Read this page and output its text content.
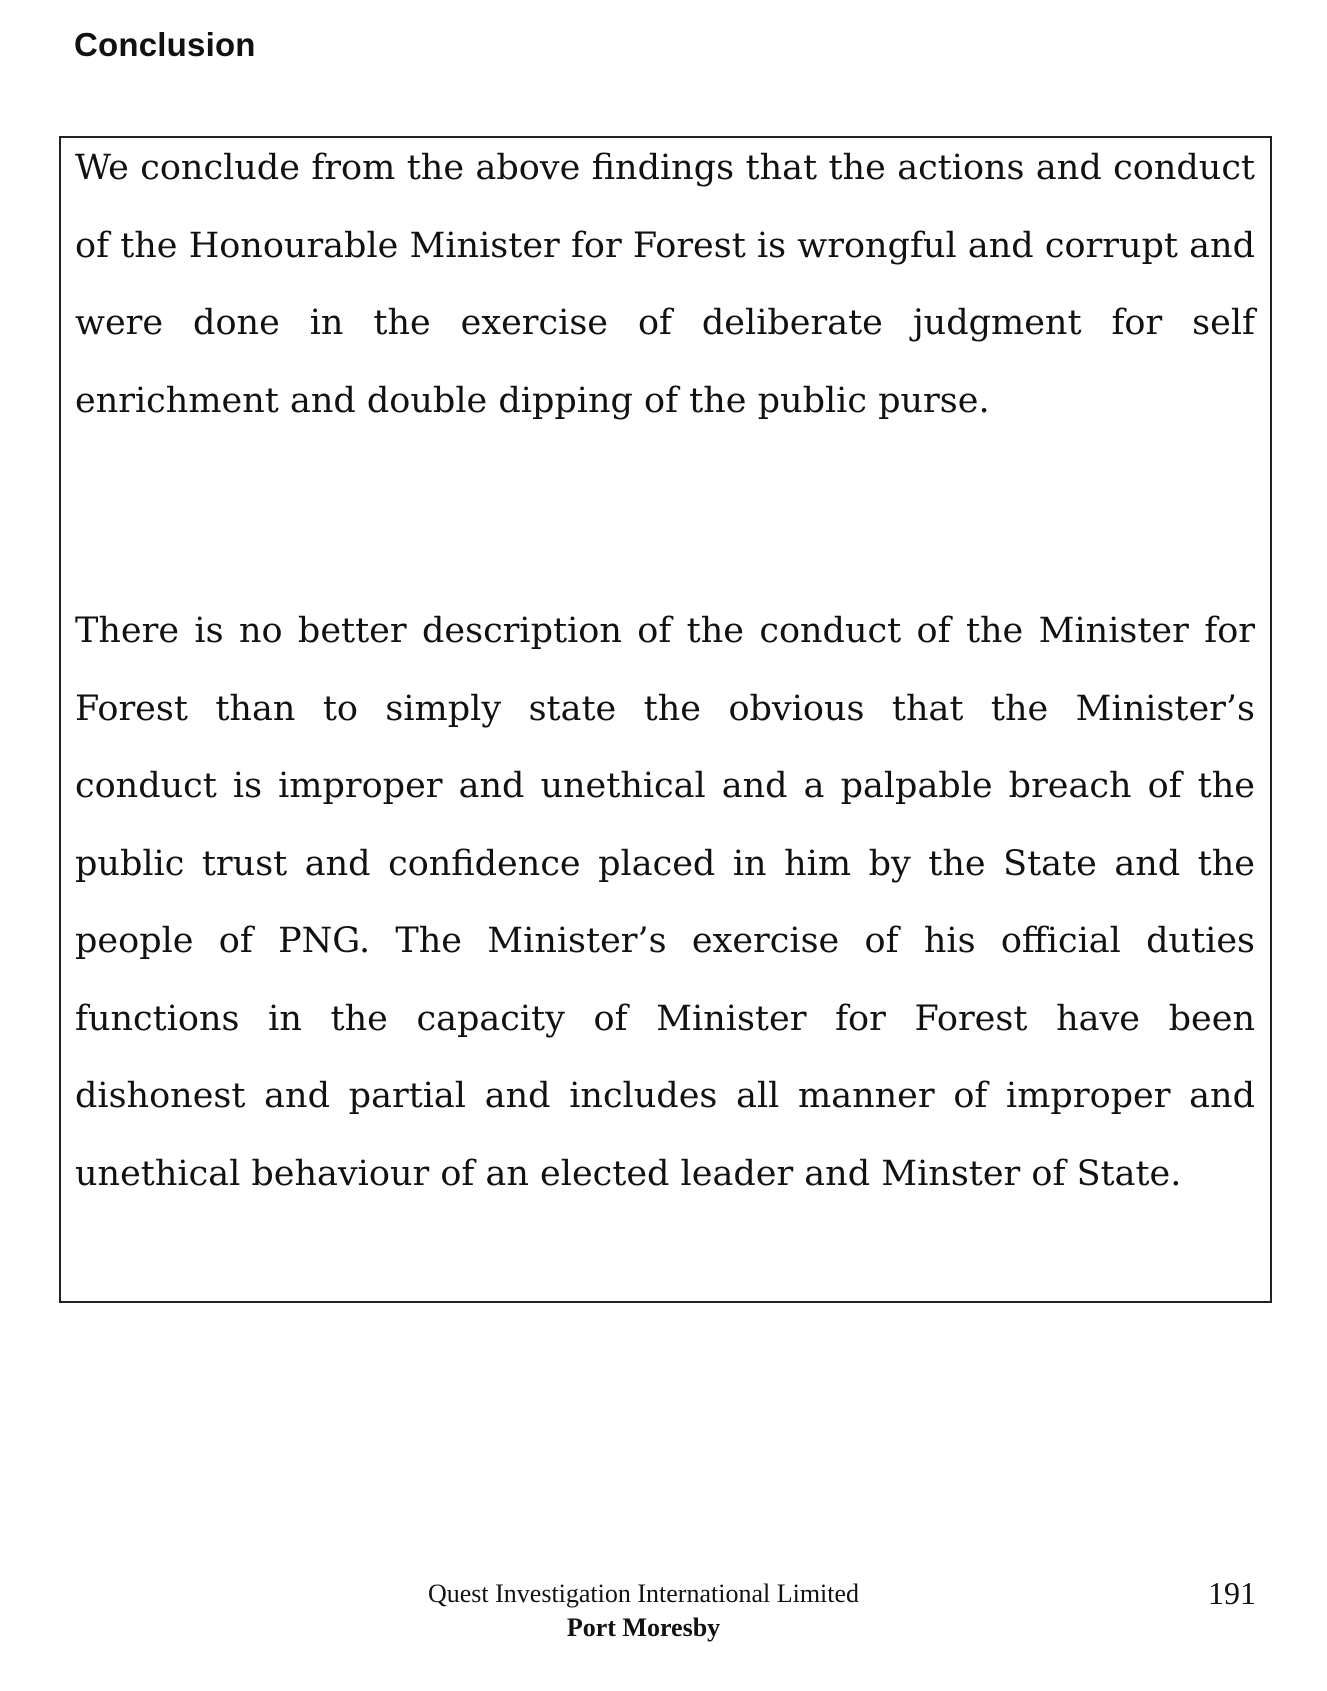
Conclusion

We conclude from the above findings that the actions and conduct of the Honourable Minister for Forest is wrongful and corrupt and were done in the exercise of deliberate judgment for self enrichment and double dipping of the public purse.

There is no better description of the conduct of the Minister for Forest than to simply state the obvious that the Minister’s conduct is improper and unethical and a palpable breach of the public trust and confidence placed in him by the State and the people of PNG. The Minister’s exercise of his official duties functions in the capacity of Minister for Forest have been dishonest and partial and includes all manner of improper and unethical behaviour of an elected leader and Minster of State.

Quest Investigation International Limited
Port Moresby
191
